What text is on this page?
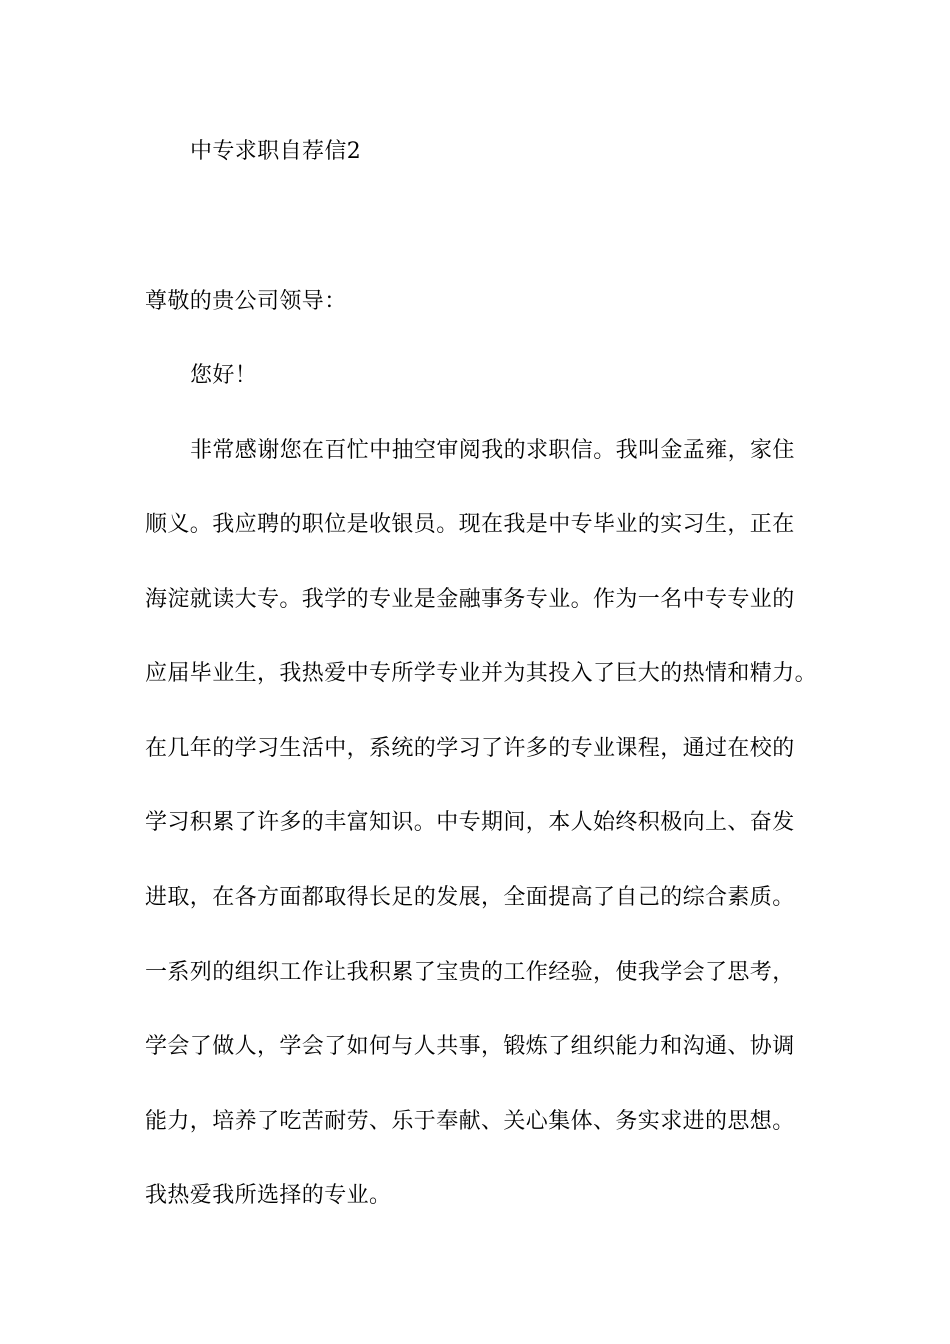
中专求职自荐信2
尊敬的贵公司领导：
您好！
非常感谢您在百忙中抽空审阅我的求职信。我叫金孟雍，家住
顺义。我应聘的职位是收银员。现在我是中专毕业的实习生，正在
海淀就读大专。我学的专业是金融事务专业。作为一名中专专业的
应届毕业生，我热爱中专所学专业并为其投入了巨大的热情和精力。
在几年的学习生活中，系统的学习了许多的专业课程，通过在校的
学习积累了许多的丰富知识。中专期间，本人始终积极向上、奋发
进取，在各方面都取得长足的发展，全面提高了自己的综合素质。
一系列的组织工作让我积累了宝贵的工作经验，使我学会了思考，
学会了做人，学会了如何与人共事，锻炼了组织能力和沟通、协调
能力，培养了吃苦耐劳、乐于奉献、关心集体、务实求进的思想。
我热爱我所选择的专业。
